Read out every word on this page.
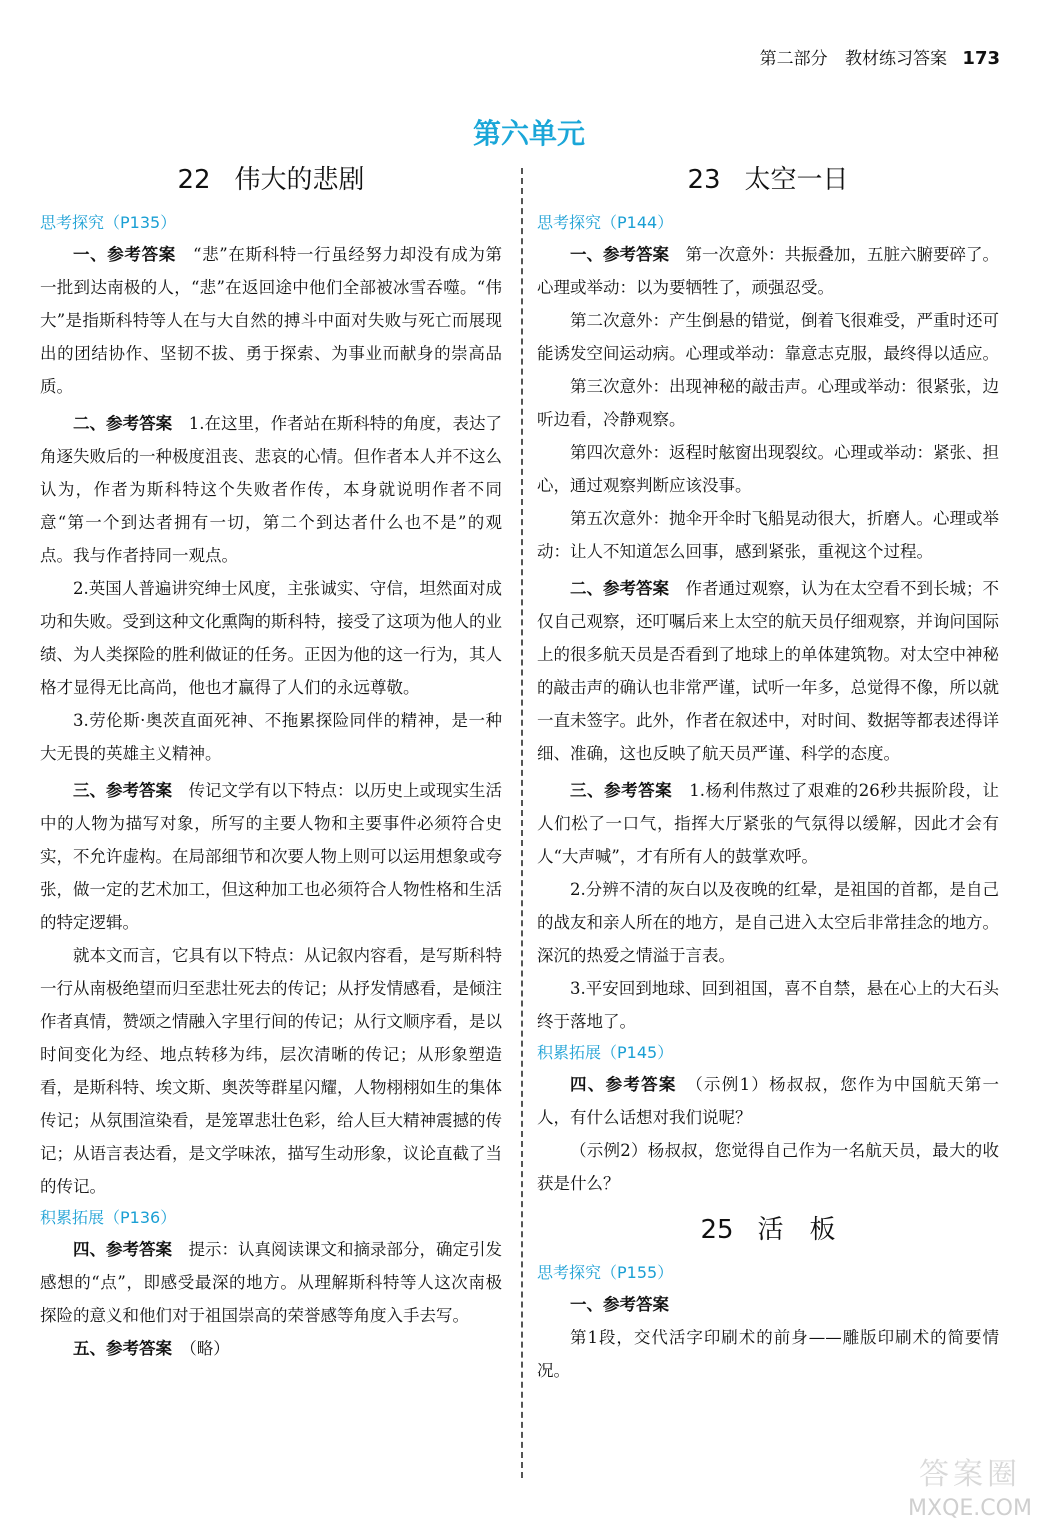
第二部分 教材练习答案 173
第六单元
22 伟大的悲剧

思考探究（P135）

一、参考答案　 “悲”在斯科特一行虽经努力却没有成为第一批到达南极的人，“悲”在返回途中他们全部被冰雪吞噬。“伟大”是指斯科特等人在与大自然的搏斗中面对失败与死亡而展现出的团结协作、坚韧不拔、勇于探索、为事业而献身的崇高品质。

二、参考答案　 1.在这里，作者站在斯科特的角度，表达了角逐失败后的一种极度沮丧、悲哀的心情。但作者本人并不这么认为，作者为斯科特这个失败者作传，本身就说明作者不同意“第一个到达者拥有一切，第二个到达者什么也不是”的观点。我与作者持同一观点。

2.英国人普遍讲究绅士风度，主张诚实、守信，坦然面对成功和失败。受到这种文化熏陶的斯科特，接受了这项为他人的业绩、为人类探险的胜利做证的任务。正因为他的这一行为，其人格才显得无比高尚，他也才赢得了人们的永远尊敬。

3.劳伦斯·奥茨直面死神、不拖累探险同伴的精神，是一种大无畏的英雄主义精神。

三、参考答案　 传记文学有以下特点：以历史上或现实生活中的人物为描写对象，所写的主要人物和主要事件必须符合史实，不允许虚构。在局部细节和次要人物上则可以运用想象或夸张，做一定的艺术加工，但这种加工也必须符合人物性格和生活的特定逻辑。

就本文而言，它具有以下特点：从记叙内容看，是写斯科特一行从南极绝望而归至悲壮死去的传记；从抒发情感看，是倾注作者真情，赞颂之情融入字里行间的传记；从行文顺序看，是以时间变化为经、地点转移为纬，层次清晰的传记；从形象塑造看，是斯科特、埃文斯、奥茨等群星闪耀，人物栩栩如生的集体传记；从氛围渲染看，是笼罩悲壮色彩，给人巨大精神震撼的传记；从语言表达看，是文学味浓，描写生动形象，议论直截了当的传记。

积累拓展（P136）

四、参考答案　 提示：认真阅读课文和摘录部分，确定引发感想的“点”，即感受最深的地方。从理解斯科特等人这次南极探险的意义和他们对于祖国崇高的荣誉感等角度入手去写。

五、参考答案　 （略）

23 太空一日

思考探究（P144）

一、参考答案　 第一次意外：共振叠加，五脏六腑要碎了。心理或举动：以为要牺牲了，顽强忍受。

第二次意外：产生倒悬的错觉，倒着飞很难受，严重时还可能诱发空间运动病。心理或举动：靠意志克服，最终得以适应。

第三次意外：出现神秘的敲击声。心理或举动：很紧张，边听边看，冷静观察。

第四次意外：返程时舷窗出现裂纹。心理或举动：紧张、担心，通过观察判断应该没事。

第五次意外：抛伞开伞时飞船晃动很大，折磨人。心理或举动：让人不知道怎么回事，感到紧张，重视这个过程。

二、参考答案　 作者通过观察，认为在太空看不到长城；不仅自己观察，还叮嘱后来上太空的航天员仔细观察，并询问国际上的很多航天员是否看到了地球上的单体建筑物。对太空中神秘的敲击声的确认也非常严谨，试听一年多，总觉得不像，所以就一直未签字。此外，作者在叙述中，对时间、数据等都表述得详细、准确，这也反映了航天员严谨、科学的态度。

三、参考答案　 1.杨利伟熬过了艰难的26秒共振阶段，让人们松了一口气，指挥大厅紧张的气氛得以缓解，因此才会有人“大声喊”，才有所有人的鼓掌欢呼。

2.分辨不清的灰白以及夜晚的红晕，是祖国的首都，是自己的战友和亲人所在的地方，是自己进入太空后非常挂念的地方。深沉的热爱之情溢于言表。

3.平安回到地球、回到祖国，喜不自禁，悬在心上的大石头终于落地了。

积累拓展（P145）

四、参考答案　 （示例1）杨叔叔，您作为中国航天第一人，有什么话想对我们说呢？

（示例2）杨叔叔，您觉得自己作为一名航天员，最大的收获是什么？

25 活　板

思考探究（P155）

一、参考答案

第1段，交代活字印刷术的前身——雕版印刷术的简要情况。

答案圈
MXQE.COM
